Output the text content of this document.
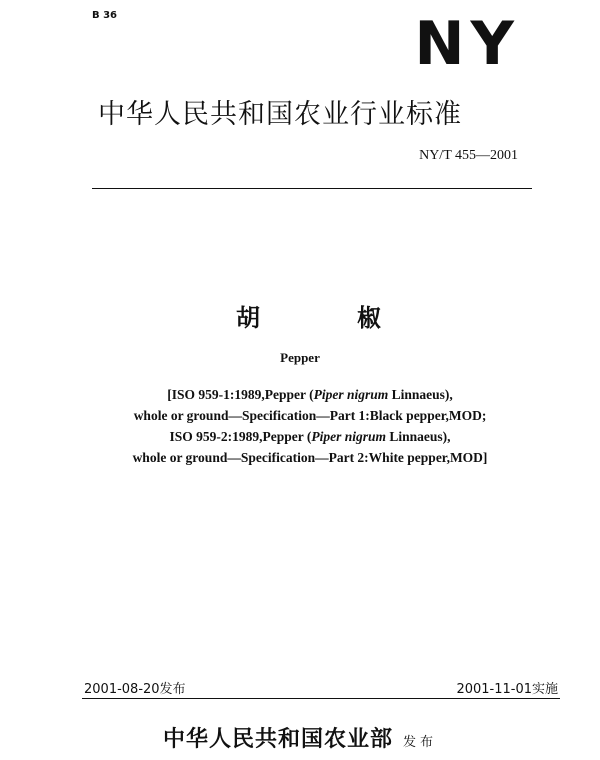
B 36	NY
中华人民共和国农业行业标准
NY/T 455—2001
胡	椒
Pepper
[ISO 959-1:1989,Pepper (Piper nigrum Linnaeus),
whole or ground—Specification—Part 1:Black pepper,MOD;
ISO 959-2:1989,Pepper (Piper nigrum Linnaeus),
whole or ground—Specification—Part 2:White pepper,MOD]
2001-08-20发布	2001-11-01实施
中华人民共和国农业部 发布
